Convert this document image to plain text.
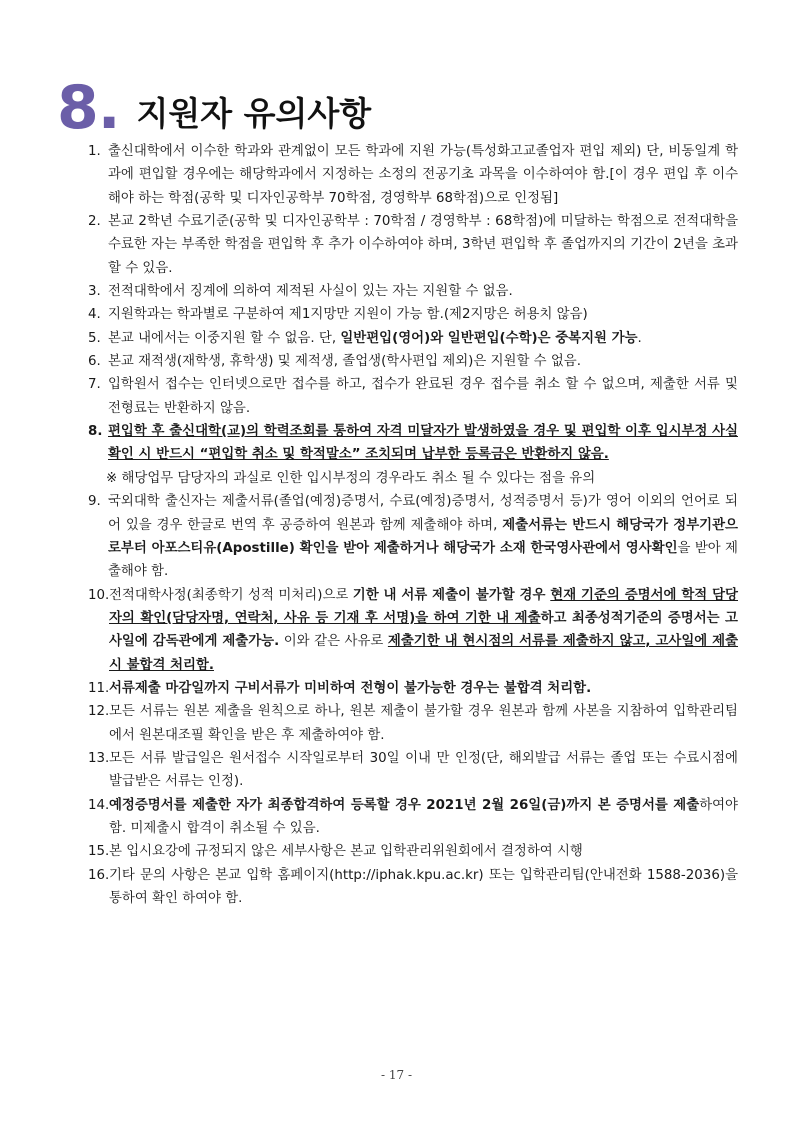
8 . 지원자 유의사항
1. 출신대학에서 이수한 학과와 관계없이 모든 학과에 지원 가능(특성화고교졸업자 편입 제외) 단, 비동일계 학과에 편입할 경우에는 해당학과에서 지정하는 소정의 전공기초 과목을 이수하여야 함.[이 경우 편입 후 이수해야 하는 학점(공학 및 디자인공학부 70학점, 경영학부 68학점)으로 인정됨]
2. 본교 2학년 수료기준(공학 및 디자인공학부 : 70학점 / 경영학부 : 68학점)에 미달하는 학점으로 전적대학을 수료한 자는 부족한 학점을 편입학 후 추가 이수하여야 하며, 3학년 편입학 후 졸업까지의 기간이 2년을 초과할 수 있음.
3. 전적대학에서 징계에 의하여 제적된 사실이 있는 자는 지원할 수 없음.
4. 지원학과는 학과별로 구분하여 제1지망만 지원이 가능 함.(제2지망은 허용치 않음)
5. 본교 내에서는 이중지원 할 수 없음. 단, 일반편입(영어)와 일반편입(수학)은 중복지원 가능.
6. 본교 재적생(재학생, 휴학생) 및 제적생, 졸업생(학사편입 제외)은 지원할 수 없음.
7. 입학원서 접수는 인터넷으로만 접수를 하고, 접수가 완료된 경우 접수를 취소 할 수 없으며, 제출한 서류 및 전형료는 반환하지 않음.
8. 편입학 후 출신대학(교)의 학력조회를 통하여 자격 미달자가 발생하였을 경우 및 편입학 이후 입시부정 사실 확인 시 반드시 “편입학 취소 및 학적말소” 조치되며 납부한 등록금은 반환하지 않음.
※ 해당업무 담당자의 과실로 인한 입시부정의 경우라도 취소 될 수 있다는 점을 유의
9. 국외대학 출신자는 제출서류(졸업(예정)증명서, 수료(예정)증명서, 성적증명서 등)가 영어 이외의 언어로 되어 있을 경우 한글로 번역 후 공증하여 원본과 함께 제출해야 하며, 제출서류는 반드시 해당국가 정부기관으로부터 아포스티유(Apostille) 확인을 받아 제출하거나 해당국가 소재 한국영사관에서 영사확인을 받아 제출해야 함.
10. 전적대학사정(최종학기 성적 미처리)으로 기한 내 서류 제출이 불가할 경우 현재 기준의 증명서에 학적 담당자의 확인(담당자명, 연락처, 사유 등 기재 후 서명)을 하여 기한 내 제출하고 최종성적기준의 증명서는 고사일에 감독관에게 제출가능. 이와 같은 사유로 제출기한 내 현시점의 서류를 제출하지 않고, 고사일에 제출 시 불합격 처리함.
11. 서류제출 마감일까지 구비서류가 미비하여 전형이 불가능한 경우는 불합격 처리함.
12. 모든 서류는 원본 제출을 원칙으로 하나, 원본 제출이 불가할 경우 원본과 함께 사본을 지참하여 입학관리팀에서 원본대조필 확인을 받은 후 제출하여야 함.
13. 모든 서류 발급일은 원서접수 시작일로부터 30일 이내 만 인정(단, 해외발급 서류는 졸업 또는 수료시점에 발급받은 서류는 인정).
14. 예정증명서를 제출한 자가 최종합격하여 등록할 경우 2021년 2월 26일(금)까지 본 증명서를 제출하여야함. 미제출시 합격이 취소될 수 있음.
15. 본 입시요강에 규정되지 않은 세부사항은 본교 입학관리위원회에서 결정하여 시행
16. 기타 문의 사항은 본교 입학 홈페이지(http://iphak.kpu.ac.kr) 또는 입학관리팀(안내전화 1588-2036)을 통하여 확인 하여야 함.
- 17 -
